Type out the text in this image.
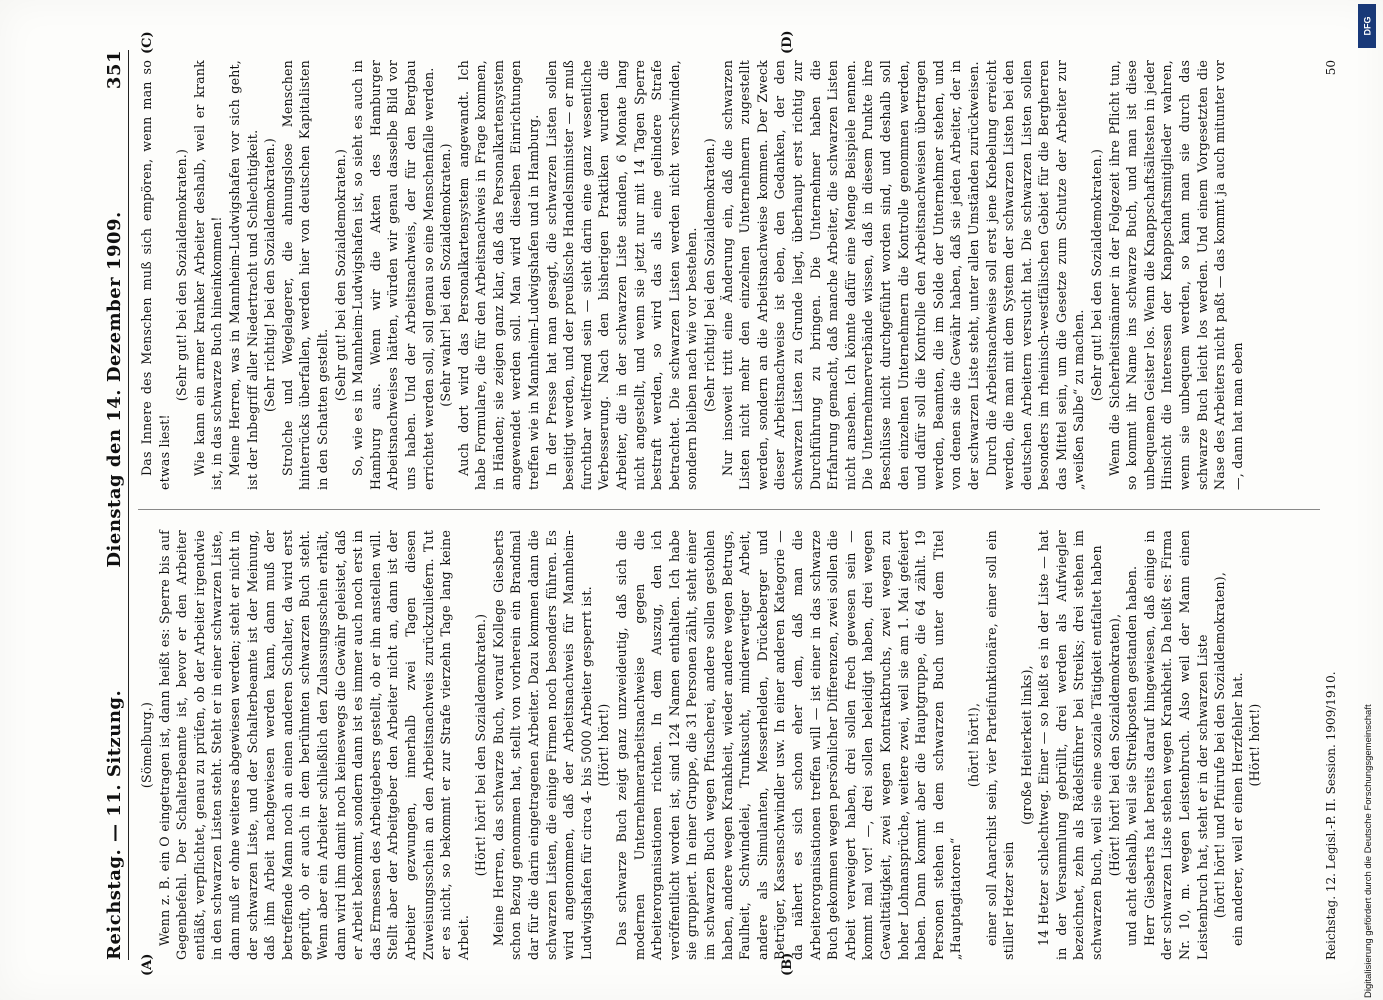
Reichstag. — 11. Sitzung.
Dienstag den 14. Dezember 1909.
351
(A)	(B)
(C)	(D)

(Sömelburg.) Wenn z. B. ein O eingetragen ist, dann heißt es: Sperre bis auf Gegenbefehl. Der Schalterbeamte ist, bevor er den Arbeiter entläßt, verpflichtet, genau zu prüfen, ob der Arbeiter irgendwie in den schwarzen Listen steht. Steht er in einer schwarzen Liste, dann muß er ohne weiteres abgewiesen werden; steht er nicht in der schwarzen Liste, und der Schalterbeamte ist der Meinung, daß ihm Arbeit nachgewiesen werden kann, dann muß der betreffende Mann noch an einen anderen Schalter, da wird erst geprüft, ob er auch in dem berühmten schwarzen Buch steht. Wenn aber ein Arbeiter schließlich den Zulassungsschein erhält, dann wird ihm damit noch keineswegs die Gewähr geleistet, daß er Arbeit bekommt, sondern dann ist es immer auch noch erst in das Ermessen des Arbeitgebers gestellt, ob er ihn anstellen will. Stellt aber der Arbeitgeber den Arbeiter nicht an, dann ist der Arbeiter gezwungen, innerhalb zwei Tagen diesen Zuweisungsschein an den Arbeitsnachweis zurückzuliefern. Tut er es nicht, so bekommt er zur Strafe vierzehn Tage lang keine Arbeit.

(Hört! hört! bei den Sozialdemokraten.) Meine Herren, das schwarze Buch, worauf Kollege Giesberts schon Bezug genommen hat, stellt von vorherein ein Brandmal dar für die darin eingetragenen Arbeiter. Dazu kommen dann die schwarzen Listen, die einige Firmen noch besonders führen. Es wird angenommen, daß der Arbeitsnachweis für Mannheim-Ludwigshafen für circa 4- bis 5000 Arbeiter gesperrt ist. (Hört! hört!) Das schwarze Buch zeigt ganz unzweideutig, daß sich die modernen Unternehmerarbeitsnachweise gegen die Arbeiterorganisationen richten. In dem Auszug, den ich veröffentlicht worden ist, sind 124 Namen enthalten. Ich habe sie gruppiert. In einer Gruppe, die 31 Personen zählt, steht einer im schwarzen Buch wegen Pfuscherei, andere sollen gestohlen haben, andere wegen Krankheit, wieder andere wegen Betrugs, Faulheit, Schwindelei, Trunksucht, minderwertiger Arbeit, andere als Simulanten, Messerhelden, Drückeberger und Betrüger, Kassenschwindler usw. In einer anderen Kategorie — da nähert es sich schon eher dem, daß man die Arbeiterorganisationen treffen will — ist einer in das schwarze Buch gekommen wegen persönlicher Differenzen, zwei sollen die Arbeit verweigert haben, drei sollen frech gewesen sein — kommt mal vor! —, drei sollen beleidigt haben, drei wegen Gewalttätigkeit, zwei wegen Kontraktbruchs, zwei wegen zu hoher Lohnansprüche, weitere zwei, weil sie am 1. Mai gefeiert haben. Dann kommt aber die Hauptgruppe, die 64 zählt. 19 Personen stehen in dem schwarzen Buch unter dem Titel „Hauptagitatoren“

(hört! hört!), einer soll Anarchist sein, vier Parteifunktionäre, einer soll ein stiller Hetzer sein

(große Heiterkeit links), 14 Hetzer schlechtweg. Einer — so heißt es in der Liste — hat in der Versammlung gebrüllt, drei werden als Aufwiegler bezeichnet, zehn als Rädelsführer bei Streiks; drei stehen im schwarzen Buch, weil sie eine soziale Tätigkeit entfaltet haben (Hört! hört! bei den Sozialdemokraten), und acht deshalb, weil sie Streikposten gestanden haben. Herr Giesberts hat bereits darauf hingewiesen, daß einige in der schwarzen Liste stehen wegen Krankheit. Da heißt es: Firma Nr. 10, m. wegen Leistenbruch. Also weil der Mann einen Leistenbruch hat, steht er in der schwarzen Liste (hört! hört! und Pfuirufe bei den Sozialdemokraten), ein anderer, weil er einen Herzfehler hat. (Hört! hört!)

Das Innere des Menschen muß sich empören, wenn man so etwas liest!

(Sehr gut! bei den Sozialdemokraten.) Wie kann ein armer kranker Arbeiter deshalb, weil er krank ist, in das schwarze Buch hineinkommen! Meine Herren, was in Mannheim-Ludwigshafen vor sich geht, ist der Inbegriff aller Niedertracht und Schlechtigkeit. (Sehr richtig! bei den Sozialdemokraten.) Strolche und Wegelagerer, die ahnungslose Menschen hinterrücks überfallen, werden hier von deutschen Kapitalisten in den Schatten gestellt.

(Sehr gut! bei den Sozialdemokraten.) So, wie es in Mannheim-Ludwigshafen ist, so sieht es auch in Hamburg aus. Wenn wir die Akten des Hamburger Arbeitsnachweises hätten, würden wir genau dasselbe Bild vor uns haben. Und der Arbeitsnachweis, der für den Bergbau errichtet werden soll, soll genau so eine Menschenfalle werden. (Sehr wahr! bei den Sozialdemokraten.) Auch dort wird das Personalkartensystem angewandt. Ich habe Formulare, die für den Arbeitsnachweis in Frage kommen, in Händen; sie zeigen ganz klar, daß das Personalkartensystem angewendet werden soll. Man wird dieselben Einrichtungen treffen wie in Mannheim-Ludwigshafen und in Hamburg. In der Presse hat man gesagt, die schwarzen Listen sollen beseitigt werden, und der preußische Handelsminister — er muß furchtbar weltfremd sein — sieht darin eine ganz wesentliche Verbesserung. Nach den bisherigen Praktiken wurden die Arbeiter, die in der schwarzen Liste standen, 6 Monate lang nicht angestellt, und wenn sie jetzt nur mit 14 Tagen Sperre bestraft werden, so wird das als eine gelindere Strafe betrachtet. Die schwarzen Listen werden nicht verschwinden, sondern bleiben nach wie vor bestehen. (Sehr richtig! bei den Sozialdemokraten.) Nur insoweit tritt eine Änderung ein, daß die schwarzen Listen nicht mehr den einzelnen Unternehmern zugestellt werden, sondern an die Arbeitsnachweise kommen. Der Zweck dieser Arbeitsnachweise ist eben, den Gedanken, der den schwarzen Listen zu Grunde liegt, überhaupt erst richtig zur Durchführung zu bringen. Die Unternehmer haben die Erfahrung gemacht, daß manche Arbeiter, die schwarzen Listen nicht ansehen. Ich könnte dafür eine Menge Beispiele nennen. Die Unternehmerverbände wissen, daß in diesem Punkte ihre Beschlüsse nicht durchgeführt worden sind, und deshalb soll den einzelnen Unternehmern die Kontrolle genommen werden, und dafür soll die Kontrolle den Arbeitsnachweisen übertragen werden, Beamten, die im Solde der Unternehmer stehen, und von denen sie die Gewähr haben, daß sie jeden Arbeiter, der in der schwarzen Liste steht, unter allen Umständen zurückweisen. Durch die Arbeitsnachweise soll erst jene Knebelung erreicht werden, die man mit dem System der schwarzen Listen bei den deutschen Arbeitern versucht hat. Die schwarzen Listen sollen besonders im rheinisch-westfälischen Gebiet für die Bergherren das Mittel sein, um die Gesetze zum Schutze der Arbeiter zur „weißen Salbe“ zu machen. (Sehr gut! bei den Sozialdemokraten.) Wenn die Sicherheitsmänner in der Folgezeit ihre Pflicht tun, so kommt ihr Name ins schwarze Buch, und man ist diese unbequemen Geister los. Wenn die Knappschaftsältesten in jeder Hinsicht die Interessen der Knappschaftsmitglieder wahren, wenn sie unbequem werden, so kann man sie durch das schwarze Buch leicht los werden. Und einem Vorgesetzten die Nase des Arbeiters nicht paßt — das kommt ja auch mitunter vor —, dann hat man eben

Reichstag. 12. Legisl.-P. II. Session. 1909/1910.
50
Digitalisierung gefördert durch die Deutsche Forschungsgemeinschaft
DFG
